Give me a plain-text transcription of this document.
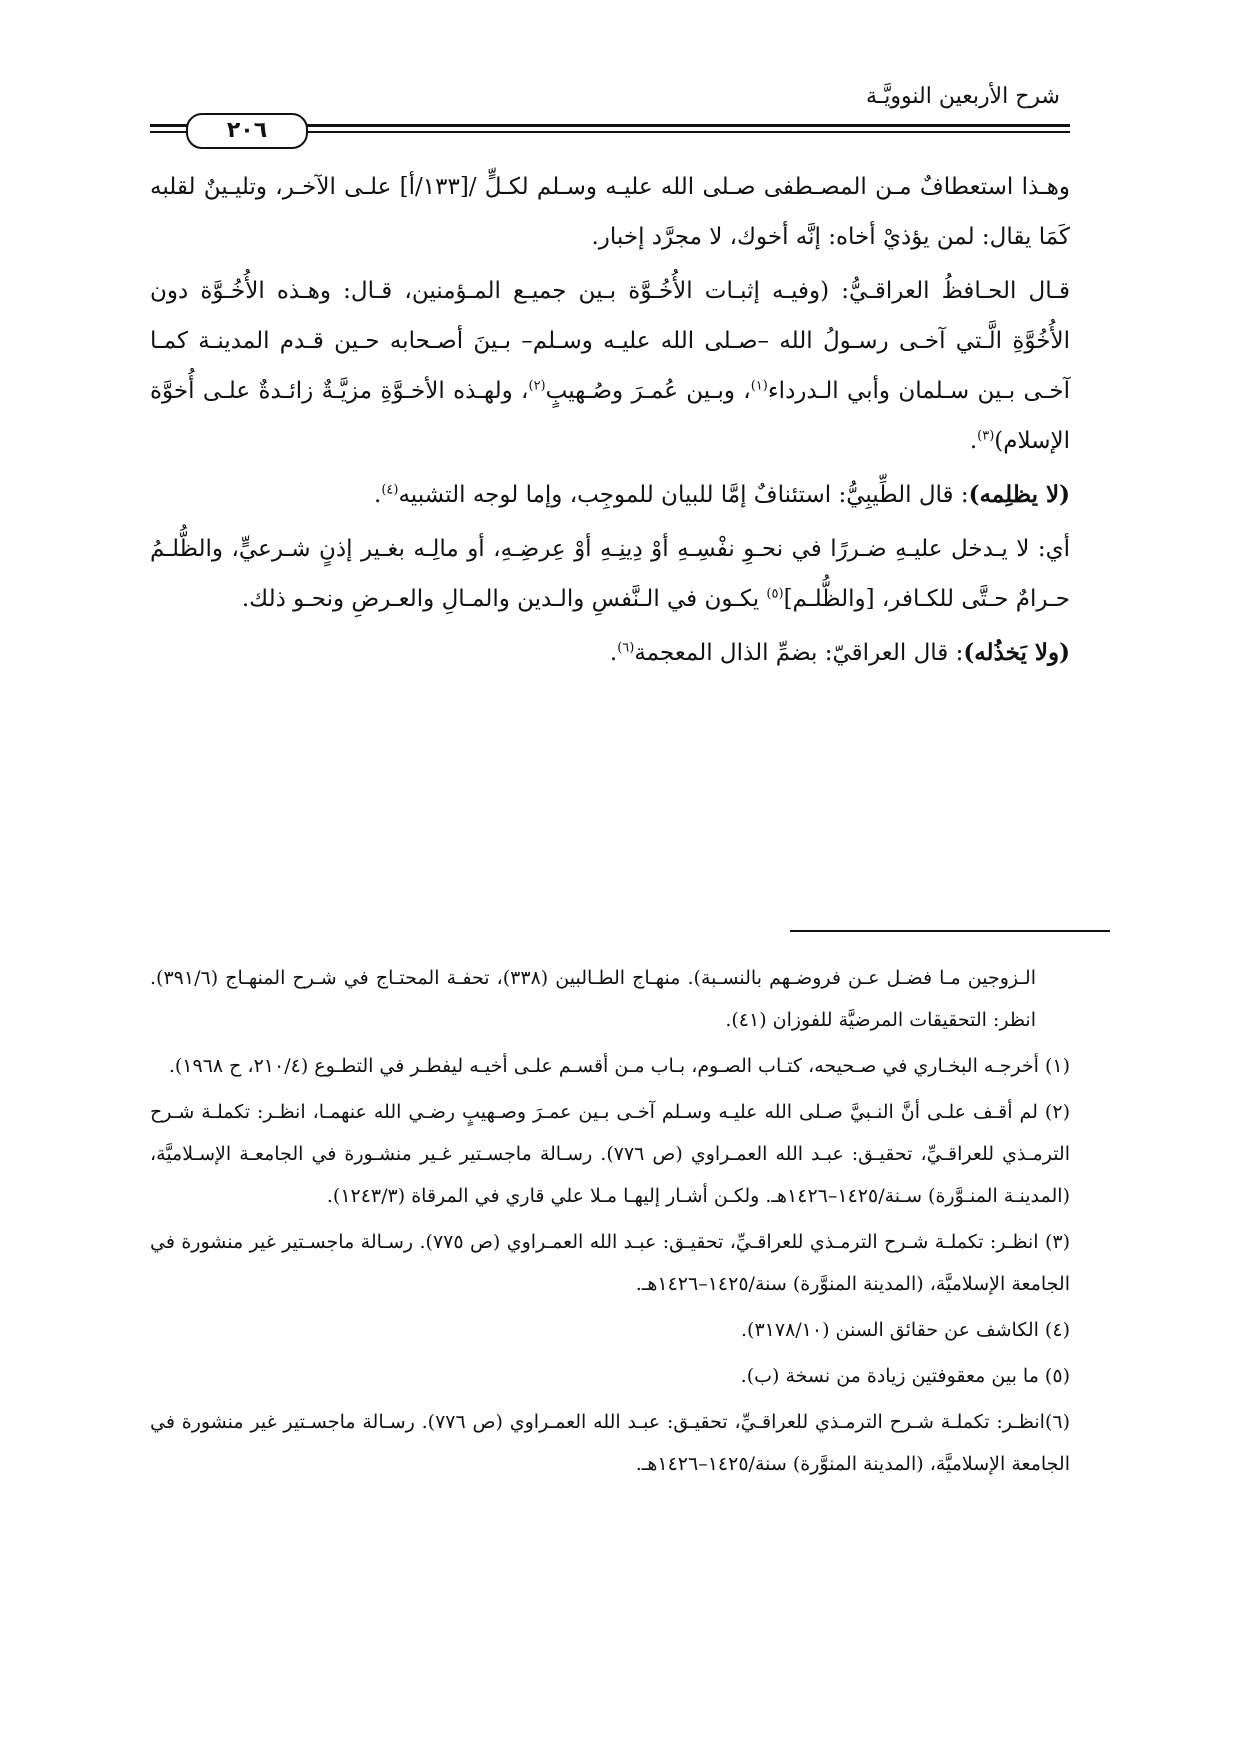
شرح الأربعين النوويَّـة
٢٠٦

وهـذا استعطافٌ مـن المصـطفى صـلى الله عليـه وسـلم لكـلٍّ /[١٣٣/أ] علـى الآخـر، وتليـينٌ لقلبه كَمَا يقال: لمن يؤذيْ أخاه: إنَّه أخوك، لا مجرَّد إخبار.

قـال الحـافظُ العراقـيُّ: (وفيـه إثبـات الأُخُـوَّة بـين جميـع المـؤمنين، قـال: وهـذه الأُخُـوَّة دون الأُخُوَّةِ الَّـتي آخـى رسـولُ الله –صـلى الله عليـه وسـلم– بـينَ أصـحابه حـين قـدم المدينـة كمـا آخـى بـين سـلمان وأبي الـدرداء$^{(١)}$، وبـين عُمـرَ وصُـهيبٍ$^{(٢)}$، ولهـذه الأخـوَّةِ مزيَّـةٌ زائـدةٌ علـى أُخوَّة الإسلام)$^{(٣)}$.

(لا يظلِمه): قال الطِّيبِيُّ: استئنافٌ إمَّا للبيان للموجِب، وإما لوجه التشبيه$^{(٤)}$.

أي: لا يـدخل عليـهِ ضـررًا في نحـوِ نفْسِـهِ أوْ دِينِـهِ أوْ عِرضِـهِ، أو مالِـه بغـير إذنٍ شـرعيٍّ، والظُّلـمُ حـرامٌ حـتَّى للكـافر، [والظُّلـم]$^{(٥)}$ يكـون في الـنَّفسِ والـدين والمـالِ والعـرضِ ونحـو ذلك.

(ولا يَخذُله): قال العراقيّ: بضمِّ الذال المعجمة$^{(٦)}$.

الـزوجين مـا فضـل عـن فروضـهم بالنسـبة). منهـاج الطـالبين (٣٣٨)، تحفـة المحتـاج في شـرح المنهـاج (٣٩١/٦). انظر: التحقيقات المرضيَّة للفوزان (٤١).
(١) أخرجـه البخـاري في صـحيحه، كتـاب الصـوم، بـاب مـن أقسـم علـى أخيـه ليفطـر في التطـوع (٢١٠/٤، ح ١٩٦٨).
(٢) لم أقـف علـى أنَّ النـبيَّ صـلى الله عليـه وسـلم آخـى بـين عمـرَ وصـهيبٍ رضـي الله عنهمـا، انظـر: تكملـة شـرح الترمـذي للعراقـيِّ، تحقيـق: عبـد الله العمـراوي (ص ٧٧٦). رسـالة ماجسـتير غـير منشـورة في الجامعـة الإسـلاميَّة، (المدينـة المنـوَّرة) سـنة/١٤٢٥–١٤٢٦هـ. ولكـن أشـار إليهـا مـلا علي قاري في المرقاة (١٢٤٣/٣).
(٣) انظـر: تكملـة شـرح الترمـذي للعراقـيِّ، تحقيـق: عبـد الله العمـراوي (ص ٧٧٥). رسـالة ماجسـتير غير منشورة في الجامعة الإسلاميَّة، (المدينة المنوَّرة) سنة/١٤٢٥–١٤٢٦هـ.
(٤) الكاشف عن حقائق السنن (٣١٧٨/١٠).
(٥) ما بين معقوفتين زيادة من نسخة (ب).
(٦)انظـر: تكملـة شـرح الترمـذي للعراقـيِّ، تحقيـق: عبـد الله العمـراوي (ص ٧٧٦). رسـالة ماجسـتير غير منشورة في الجامعة الإسلاميَّة، (المدينة المنوَّرة) سنة/١٤٢٥–١٤٢٦هـ.
